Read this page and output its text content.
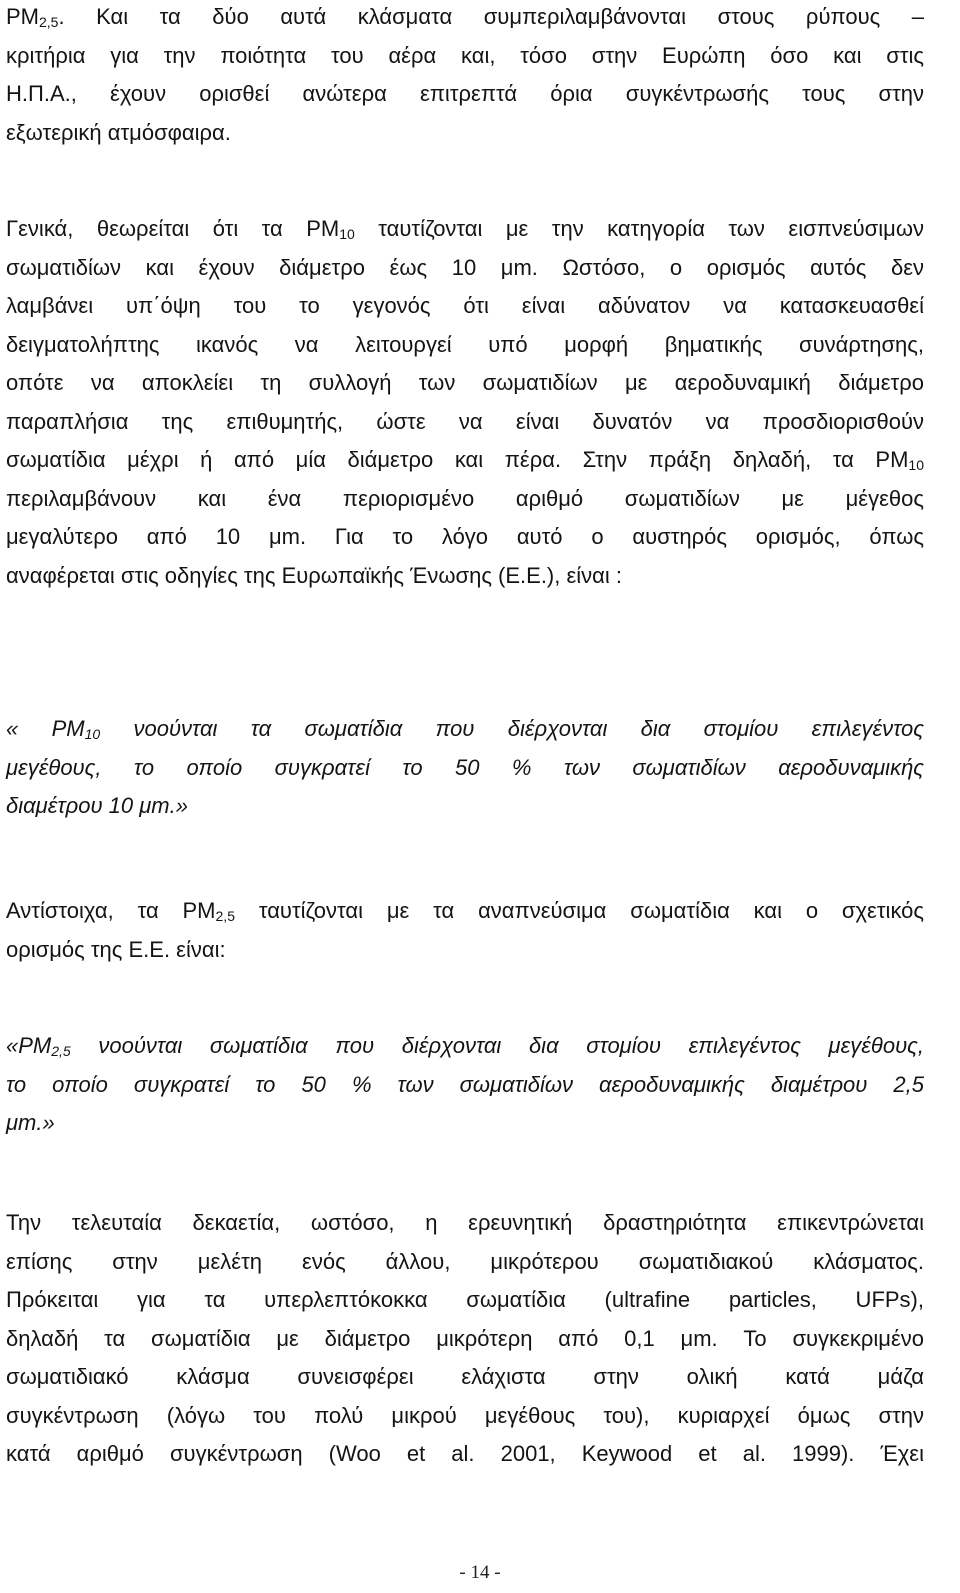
$PM_{2,5}$. Και τα δύο αυτά κλάσματα συμπεριλαμβάνονται στους ρύπους –
κριτήρια για την ποιότητα του αέρα και, τόσο στην Ευρώπη όσο και στις
Η.Π.Α., έχουν ορισθεί ανώτερα επιτρεπτά όρια συγκέντρωσής τους στην
εξωτερική ατμόσφαιρα.
Γενικά, θεωρείται ότι τα $PM_{10}$ ταυτίζονται με την κατηγορία των εισπνεύσιμων
σωματιδίων και έχουν διάμετρο έως 10 μm. Ωστόσο, ο ορισμός αυτός δεν
λαμβάνει υπ΄όψη του το γεγονός ότι είναι αδύνατον να κατασκευασθεί
δειγματολήπτης ικανός να λειτουργεί υπό μορφή βηματικής συνάρτησης,
οπότε να αποκλείει τη συλλογή των σωματιδίων με αεροδυναμική διάμετρο
παραπλήσια της επιθυμητής, ώστε να είναι δυνατόν να προσδιορισθούν
σωματίδια μέχρι ή από μία διάμετρο και πέρα. Στην πράξη δηλαδή, τα $PM_{10}$
περιλαμβάνουν και ένα περιορισμένο αριθμό σωματιδίων με μέγεθος
μεγαλύτερο από 10 μm. Για το λόγο αυτό ο αυστηρός ορισμός, όπως
αναφέρεται στις οδηγίες της Ευρωπαϊκής Ένωσης (Ε.Ε.), είναι :
« $PM_{10}$ νοούνται τα σωματίδια που διέρχονται δια στομίου επιλεγέντος
μεγέθους, το οποίο συγκρατεί το 50 % των σωματιδίων αεροδυναμικής
διαμέτρου 10 μm.»
Αντίστοιχα, τα $PM_{2,5}$ ταυτίζονται με τα αναπνεύσιμα σωματίδια και ο σχετικός
ορισμός της Ε.Ε. είναι:
«$PM_{2,5}$ νοούνται σωματίδια που διέρχονται δια στομίου επιλεγέντος μεγέθους,
το οποίο συγκρατεί το 50 % των σωματιδίων αεροδυναμικής διαμέτρου 2,5
μm.»
Την τελευταία δεκαετία, ωστόσο, η ερευνητική δραστηριότητα επικεντρώνεται
επίσης στην μελέτη ενός άλλου, μικρότερου σωματιδιακού κλάσματος.
Πρόκειται για τα υπερλεπτόκοκκα σωματίδια (ultrafine particles, UFPs),
δηλαδή τα σωματίδια με διάμετρο μικρότερη από 0,1 μm. Το συγκεκριμένο
σωματιδιακό κλάσμα συνεισφέρει ελάχιστα στην ολική κατά μάζα
συγκέντρωση (λόγω του πολύ μικρού μεγέθους του), κυριαρχεί όμως στην
κατά αριθμό συγκέντρωση (Woo et al. 2001, Keywood et al. 1999). Έχει
- 14 -
